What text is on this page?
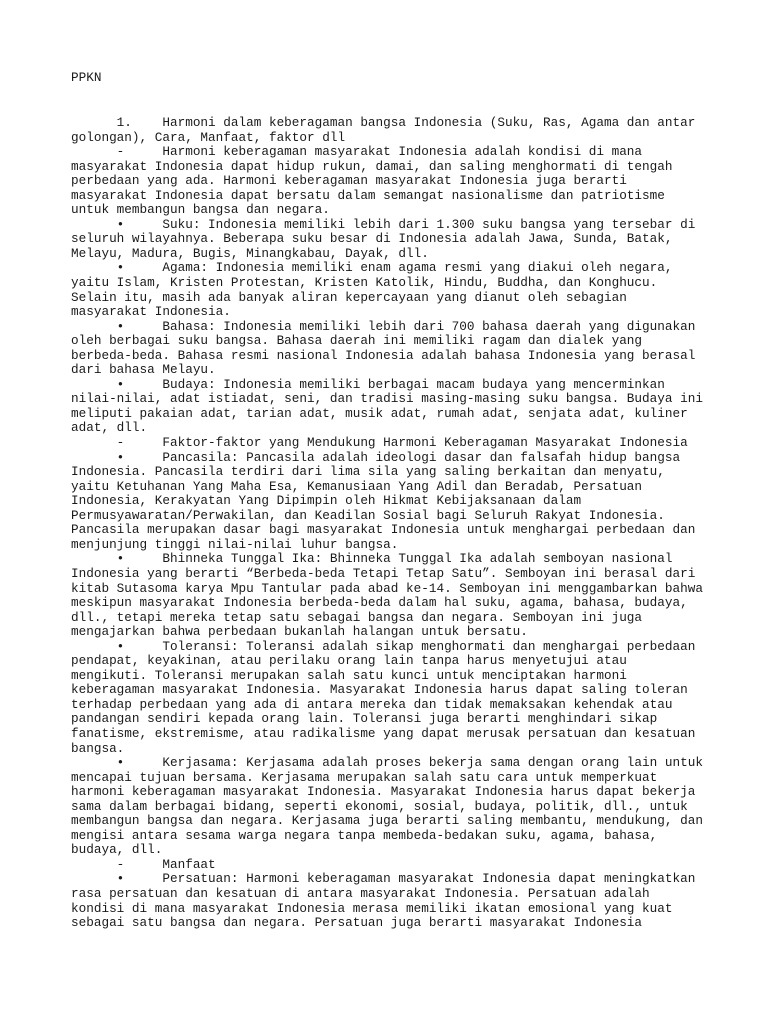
PPKN
1.    Harmoni dalam keberagaman bangsa Indonesia (Suku, Ras, Agama dan antar
golongan), Cara, Manfaat, faktor dll
-     Harmoni keberagaman masyarakat Indonesia adalah kondisi di mana
masyarakat Indonesia dapat hidup rukun, damai, dan saling menghormati di tengah
perbedaan yang ada. Harmoni keberagaman masyarakat Indonesia juga berarti
masyarakat Indonesia dapat bersatu dalam semangat nasionalisme dan patriotisme
untuk membangun bangsa dan negara.
•     Suku: Indonesia memiliki lebih dari 1.300 suku bangsa yang tersebar di
seluruh wilayahnya. Beberapa suku besar di Indonesia adalah Jawa, Sunda, Batak,
Melayu, Madura, Bugis, Minangkabau, Dayak, dll.
•     Agama: Indonesia memiliki enam agama resmi yang diakui oleh negara,
yaitu Islam, Kristen Protestan, Kristen Katolik, Hindu, Buddha, dan Konghucu.
Selain itu, masih ada banyak aliran kepercayaan yang dianut oleh sebagian
masyarakat Indonesia.
•     Bahasa: Indonesia memiliki lebih dari 700 bahasa daerah yang digunakan
oleh berbagai suku bangsa. Bahasa daerah ini memiliki ragam dan dialek yang
berbeda-beda. Bahasa resmi nasional Indonesia adalah bahasa Indonesia yang berasal
dari bahasa Melayu.
•     Budaya: Indonesia memiliki berbagai macam budaya yang mencerminkan
nilai-nilai, adat istiadat, seni, dan tradisi masing-masing suku bangsa. Budaya ini
meliputi pakaian adat, tarian adat, musik adat, rumah adat, senjata adat, kuliner
adat, dll.
-     Faktor-faktor yang Mendukung Harmoni Keberagaman Masyarakat Indonesia
•     Pancasila: Pancasila adalah ideologi dasar dan falsafah hidup bangsa
Indonesia. Pancasila terdiri dari lima sila yang saling berkaitan dan menyatu,
yaitu Ketuhanan Yang Maha Esa, Kemanusiaan Yang Adil dan Beradab, Persatuan
Indonesia, Kerakyatan Yang Dipimpin oleh Hikmat Kebijaksanaan dalam
Permusyawaratan/Perwakilan, dan Keadilan Sosial bagi Seluruh Rakyat Indonesia.
Pancasila merupakan dasar bagi masyarakat Indonesia untuk menghargai perbedaan dan
menjunjung tinggi nilai-nilai luhur bangsa.
•     Bhinneka Tunggal Ika: Bhinneka Tunggal Ika adalah semboyan nasional
Indonesia yang berarti “Berbeda-beda Tetapi Tetap Satu”. Semboyan ini berasal dari
kitab Sutasoma karya Mpu Tantular pada abad ke-14. Semboyan ini menggambarkan bahwa
meskipun masyarakat Indonesia berbeda-beda dalam hal suku, agama, bahasa, budaya,
dll., tetapi mereka tetap satu sebagai bangsa dan negara. Semboyan ini juga
mengajarkan bahwa perbedaan bukanlah halangan untuk bersatu.
•     Toleransi: Toleransi adalah sikap menghormati dan menghargai perbedaan
pendapat, keyakinan, atau perilaku orang lain tanpa harus menyetujui atau
mengikuti. Toleransi merupakan salah satu kunci untuk menciptakan harmoni
keberagaman masyarakat Indonesia. Masyarakat Indonesia harus dapat saling toleran
terhadap perbedaan yang ada di antara mereka dan tidak memaksakan kehendak atau
pandangan sendiri kepada orang lain. Toleransi juga berarti menghindari sikap
fanatisme, ekstremisme, atau radikalisme yang dapat merusak persatuan dan kesatuan
bangsa.
•     Kerjasama: Kerjasama adalah proses bekerja sama dengan orang lain untuk
mencapai tujuan bersama. Kerjasama merupakan salah satu cara untuk memperkuat
harmoni keberagaman masyarakat Indonesia. Masyarakat Indonesia harus dapat bekerja
sama dalam berbagai bidang, seperti ekonomi, sosial, budaya, politik, dll., untuk
membangun bangsa dan negara. Kerjasama juga berarti saling membantu, mendukung, dan
mengisi antara sesama warga negara tanpa membeda-bedakan suku, agama, bahasa,
budaya, dll.
-     Manfaat
•     Persatuan: Harmoni keberagaman masyarakat Indonesia dapat meningkatkan
rasa persatuan dan kesatuan di antara masyarakat Indonesia. Persatuan adalah
kondisi di mana masyarakat Indonesia merasa memiliki ikatan emosional yang kuat
sebagai satu bangsa dan negara. Persatuan juga berarti masyarakat Indonesia
